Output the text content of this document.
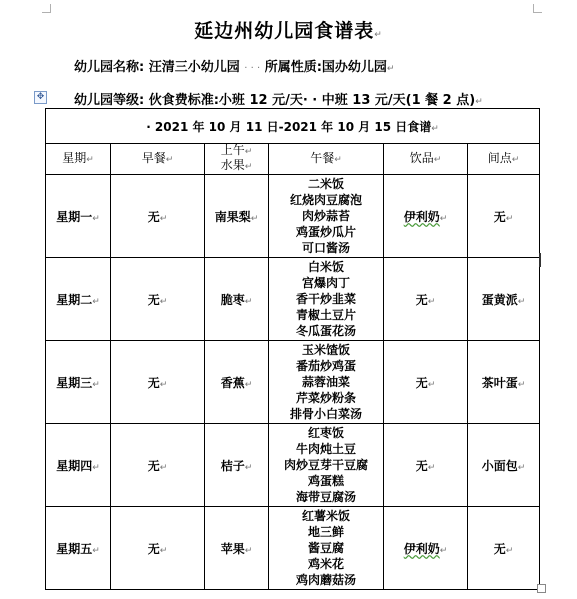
延边州幼儿园食谱表↵
幼儿园名称: 汪清三小幼儿园 · · · 所属性质:国办幼儿园↵
✥ 幼儿园等级: 伙食费标准:小班 12 元/天· · 中班 13 元/天(1 餐 2 点)↵
· 2021 年 10 月 11 日-2021 年 10 月 15 日食谱↵					
星期↵	早餐↵	上午↵
水果↵	午餐↵	饮品↵	间点↵
星期一↵	无↵	南果梨↵	二米饭
红烧肉豆腐泡
肉炒蒜苔
鸡蛋炒瓜片
可口酱汤	伊利奶↵	无↵
星期二↵	无↵	脆枣↵	白米饭
宫爆肉丁
香干炒韭菜
青椒土豆片
冬瓜蛋花汤	无↵	蛋黄派↵
星期三↵	无↵	香蕉↵	玉米馇饭
番茄炒鸡蛋
蒜蓉油菜
芹菜炒粉条
排骨小白菜汤	无↵	茶叶蛋↵
星期四↵	无↵	桔子↵	红枣饭
牛肉炖土豆
肉炒豆芽干豆腐
鸡蛋糕
海带豆腐汤	无↵	小面包↵
星期五↵	无↵	苹果↵	红薯米饭
地三鲜
酱豆腐
鸡米花
鸡肉蘑菇汤	伊利奶↵	无↵
